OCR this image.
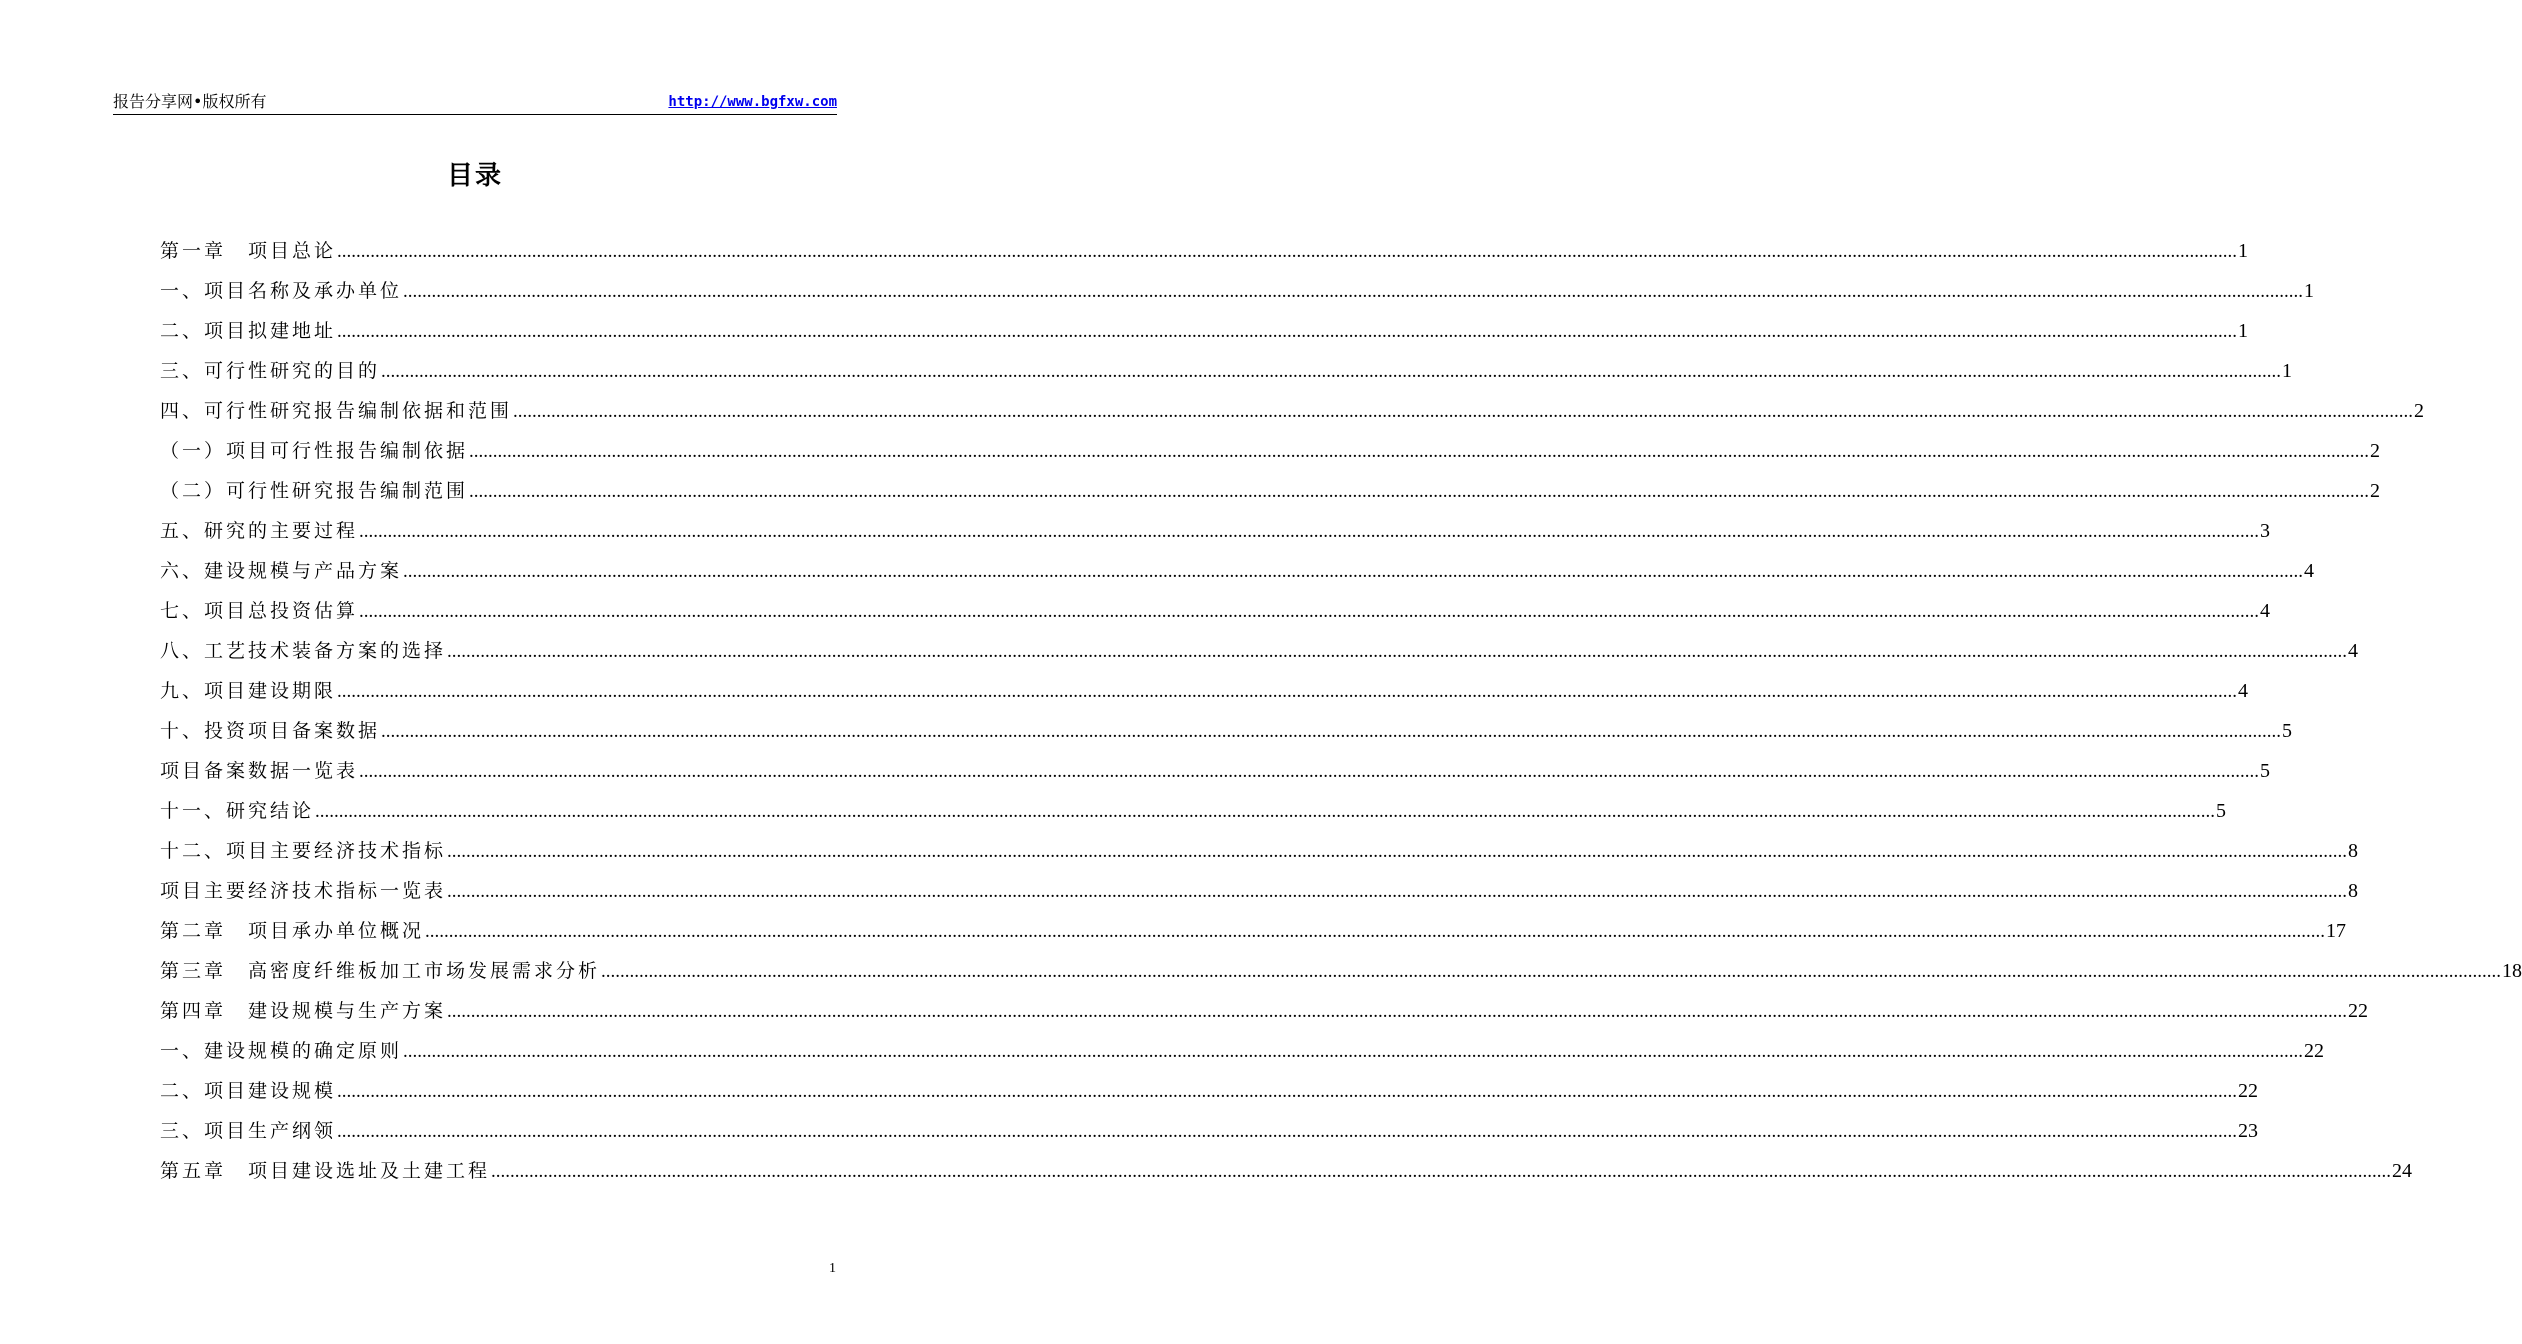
报告分享网•版权所有	http://www.bgfxw.com
目录
第一章　项目总论 ................................................................................................................................................................................................................................................................................................................................................................................................................ 1
一、项目名称及承办单位 ................................................................................................................................................................................................................................................................................................................................................................................................................ 1
二、项目拟建地址 ................................................................................................................................................................................................................................................................................................................................................................................................................ 1
三、可行性研究的目的 ................................................................................................................................................................................................................................................................................................................................................................................................................ 1
四、可行性研究报告编制依据和范围 ................................................................................................................................................................................................................................................................................................................................................................................................................ 2
（一）项目可行性报告编制依据 ................................................................................................................................................................................................................................................................................................................................................................................................................ 2
（二）可行性研究报告编制范围 ................................................................................................................................................................................................................................................................................................................................................................................................................ 2
五、研究的主要过程 ................................................................................................................................................................................................................................................................................................................................................................................................................ 3
六、建设规模与产品方案 ................................................................................................................................................................................................................................................................................................................................................................................................................ 4
七、项目总投资估算 ................................................................................................................................................................................................................................................................................................................................................................................................................ 4
八、工艺技术装备方案的选择 ................................................................................................................................................................................................................................................................................................................................................................................................................ 4
九、项目建设期限 ................................................................................................................................................................................................................................................................................................................................................................................................................ 4
十、投资项目备案数据 ................................................................................................................................................................................................................................................................................................................................................................................................................ 5
项目备案数据一览表 ................................................................................................................................................................................................................................................................................................................................................................................................................ 5
十一、研究结论 ................................................................................................................................................................................................................................................................................................................................................................................................................ 5
十二、项目主要经济技术指标 ................................................................................................................................................................................................................................................................................................................................................................................................................ 8
项目主要经济技术指标一览表 ................................................................................................................................................................................................................................................................................................................................................................................................................ 8
第二章　项目承办单位概况 ................................................................................................................................................................................................................................................................................................................................................................................................................ 17
第三章　高密度纤维板加工市场发展需求分析 ................................................................................................................................................................................................................................................................................................................................................................................................................ 18
第四章　建设规模与生产方案 ................................................................................................................................................................................................................................................................................................................................................................................................................ 22
一、建设规模的确定原则 ................................................................................................................................................................................................................................................................................................................................................................................................................ 22
二、项目建设规模 ................................................................................................................................................................................................................................................................................................................................................................................................................ 22
三、项目生产纲领 ................................................................................................................................................................................................................................................................................................................................................................................................................ 23
第五章　项目建设选址及土建工程 ................................................................................................................................................................................................................................................................................................................................................................................................................ 24
1
